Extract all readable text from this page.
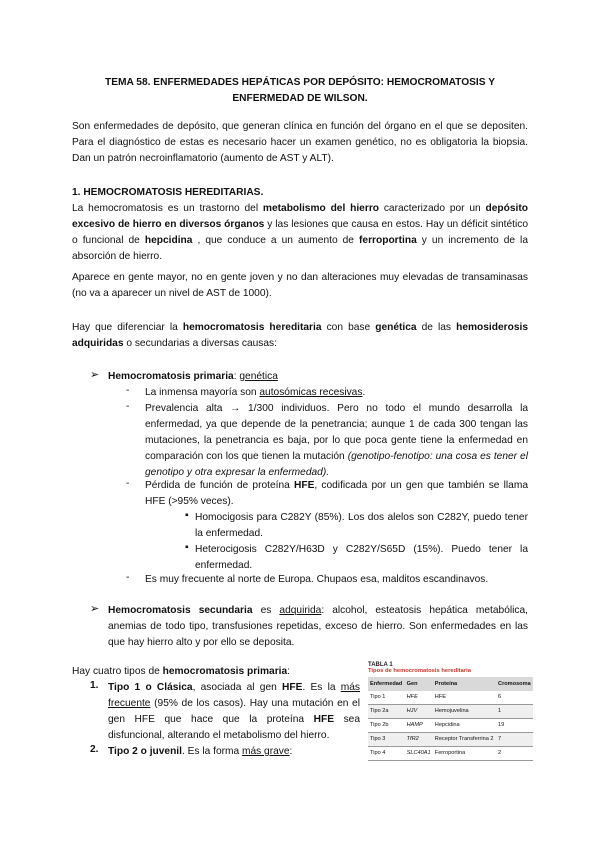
TEMA 58. ENFERMEDADES HEPÁTICAS POR DEPÓSITO: HEMOCROMATOSIS Y ENFERMEDAD DE WILSON.

Son enfermedades de depósito, que generan clínica en función del órgano en el que se depositen. Para el diagnóstico de estas es necesario hacer un examen genético, no es obligatoria la biopsia. Dan un patrón necroinflamatorio (aumento de AST y ALT).

1. HEMOCROMATOSIS HEREDITARIAS.

La hemocromatosis es un trastorno del metabolismo del hierro caracterizado por un depósito excesivo de hierro en diversos órganos y las lesiones que causa en estos. Hay un déficit sintético o funcional de hepcidina , que conduce a un aumento de ferroportina y un incremento de la absorción de hierro.

Aparece en gente mayor, no en gente joven y no dan alteraciones muy elevadas de transaminasas (no va a aparecer un nivel de AST de 1000).

Hay que diferenciar la hemocromatosis hereditaria con base genética de las hemosiderosis adquiridas o secundarias a diversas causas:

➢ Hemocromatosis primaria: genética

- La inmensa mayoría son autosómicas recesivas.

- Prevalencia alta → 1/300 individuos. Pero no todo el mundo desarrolla la enfermedad, ya que depende de la penetrancia; aunque 1 de cada 300 tengan las mutaciones, la penetrancia es baja, por lo que poca gente tiene la enfermedad en comparación con los que tienen la mutación (genotipo-fenotipo: una cosa es tener el genotipo y otra expresar la enfermedad).

- Pérdida de función de proteína HFE, codificada por un gen que también se llama HFE (>95% veces).

▪ Homocigosis para C282Y (85%). Los dos alelos son C282Y, puedo tener la enfermedad.

▪ Heterocigosis C282Y/H63D y C282Y/S65D (15%). Puedo tener la enfermedad.

- Es muy frecuente al norte de Europa. Chupaos esa, malditos escandinavos.

➢ Hemocromatosis secundaria es adquirida: alcohol, esteatosis hepática metabólica, anemias de todo tipo, transfusiones repetidas, exceso de hierro. Son enfermedades en las que hay hierro alto y por ello se deposita.

Hay cuatro tipos de hemocromatosis primaria:

1. Tipo 1 o Clásica, asociada al gen HFE. Es la más frecuente (95% de los casos). Hay una mutación en el gen HFE que hace que la proteína HFE sea disfuncional, alterando el metabolismo del hierro.

2. Tipo 2 o juvenil. Es la forma más grave:

TABLA 1
Tipos de hemocromatosis hereditaria
Enfermedad	Gen	Proteína	Cromosoma
Tipo 1	HFE	HFE	6
Tipo 2a	HJV	Hemojuvelina	1
Tipo 2b	HAMP	Hepcidina	19
Tipo 3	TfR2	Receptor Transferrina 2	7
Tipo 4	SLC40A1	Ferroportina	2
